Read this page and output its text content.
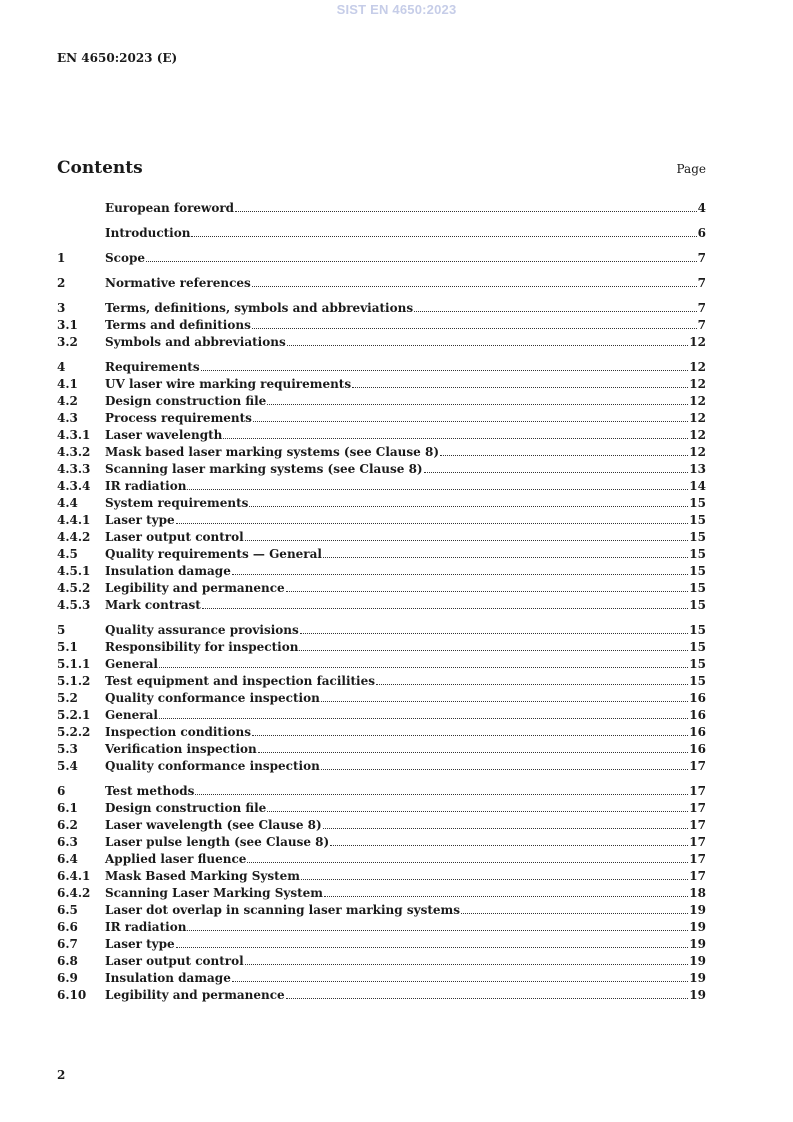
SIST EN 4650:2023
EN 4650:2023 (E)
Contents	Page
European foreword	4
Introduction	6
1	Scope	7
2	Normative references	7
3	Terms, definitions, symbols and abbreviations	7
3.1	Terms and definitions	7
3.2	Symbols and abbreviations	12
4	Requirements	12
4.1	UV laser wire marking requirements	12
4.2	Design construction file	12
4.3	Process requirements	12
4.3.1	Laser wavelength	12
4.3.2	Mask based laser marking systems (see Clause 8)	12
4.3.3	Scanning laser marking systems (see Clause 8)	13
4.3.4	IR radiation	14
4.4	System requirements	15
4.4.1	Laser type	15
4.4.2	Laser output control	15
4.5	Quality requirements — General	15
4.5.1	Insulation damage	15
4.5.2	Legibility and permanence	15
4.5.3	Mark contrast	15
5	Quality assurance provisions	15
5.1	Responsibility for inspection	15
5.1.1	General	15
5.1.2	Test equipment and inspection facilities	15
5.2	Quality conformance inspection	16
5.2.1	General	16
5.2.2	Inspection conditions	16
5.3	Verification inspection	16
5.4	Quality conformance inspection	17
6	Test methods	17
6.1	Design construction file	17
6.2	Laser wavelength (see Clause 8)	17
6.3	Laser pulse length (see Clause 8)	17
6.4	Applied laser fluence	17
6.4.1	Mask Based Marking System	17
6.4.2	Scanning Laser Marking System	18
6.5	Laser dot overlap in scanning laser marking systems	19
6.6	IR radiation	19
6.7	Laser type	19
6.8	Laser output control	19
6.9	Insulation damage	19
6.10	Legibility and permanence	19
2
